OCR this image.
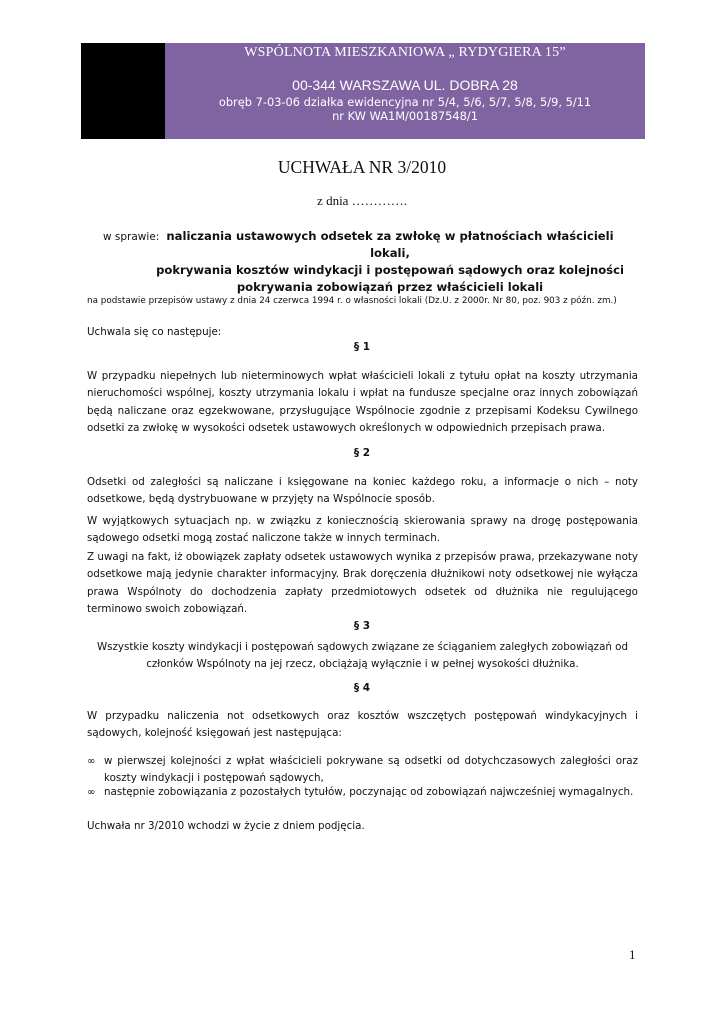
WSPÓLNOTA MIESZKANIOWA „ RYDYGIERA 15”
00-344 WARSZAWA UL. DOBRA 28
obręb 7-03-06 działka ewidencyjna nr 5/4, 5/6, 5/7, 5/8, 5/9, 5/11
nr KW WA1M/00187548/1
UCHWAŁA NR 3/2010
z dnia ………….
w sprawie: naliczania ustawowych odsetek za zwłokę w płatnościach właścicieli lokali,
pokrywania kosztów windykacji i postępowań sądowych oraz kolejności
pokrywania zobowiązań przez właścicieli lokali
na podstawie przepisów ustawy z dnia 24 czerwca 1994 r. o własności lokali (Dz.U. z 2000r. Nr 80, poz. 903 z późn. zm.)
Uchwala się co następuje:
§ 1
W przypadku niepełnych lub nieterminowych wpłat właścicieli lokali z tytułu opłat na koszty utrzymania nieruchomości wspólnej, koszty utrzymania lokalu i wpłat na fundusze specjalne oraz innych zobowiązań będą naliczane oraz egzekwowane, przysługujące Wspólnocie zgodnie z przepisami Kodeksu Cywilnego odsetki za zwłokę w wysokości odsetek ustawowych określonych w odpowiednich przepisach prawa.
§ 2
Odsetki od zaległości są naliczane i księgowane na koniec każdego roku, a informacje o nich – noty odsetkowe, będą dystrybuowane w przyjęty na Wspólnocie sposób.
W wyjątkowych sytuacjach np. w związku z koniecznością skierowania sprawy na drogę postępowania sądowego odsetki mogą zostać naliczone także w innych terminach.
Z uwagi na fakt, iż obowiązek zapłaty odsetek ustawowych wynika z przepisów prawa, przekazywane noty odsetkowe mają jedynie charakter informacyjny. Brak doręczenia dłużnikowi noty odsetkowej nie wyłącza prawa Wspólnoty do dochodzenia zapłaty przedmiotowych odsetek od dłużnika nie regulującego terminowo swoich zobowiązań.
§ 3
Wszystkie koszty windykacji i postępowań sądowych związane ze ściąganiem zaległych zobowiązań od członków Wspólnoty na jej rzecz, obciążają wyłącznie i w pełnej wysokości dłużnika.
§ 4
W przypadku naliczenia not odsetkowych oraz kosztów wszczętych postępowań windykacyjnych i sądowych, kolejność księgowań jest następująca:
∞ w pierwszej kolejności z wpłat właścicieli pokrywane są odsetki od dotychczasowych zaległości oraz koszty windykacji i postępowań sądowych,
∞ następnie zobowiązania z pozostałych tytułów, poczynając od zobowiązań najwcześniej wymagalnych.
Uchwała nr 3/2010 wchodzi w życie z dniem podjęcia.
1
